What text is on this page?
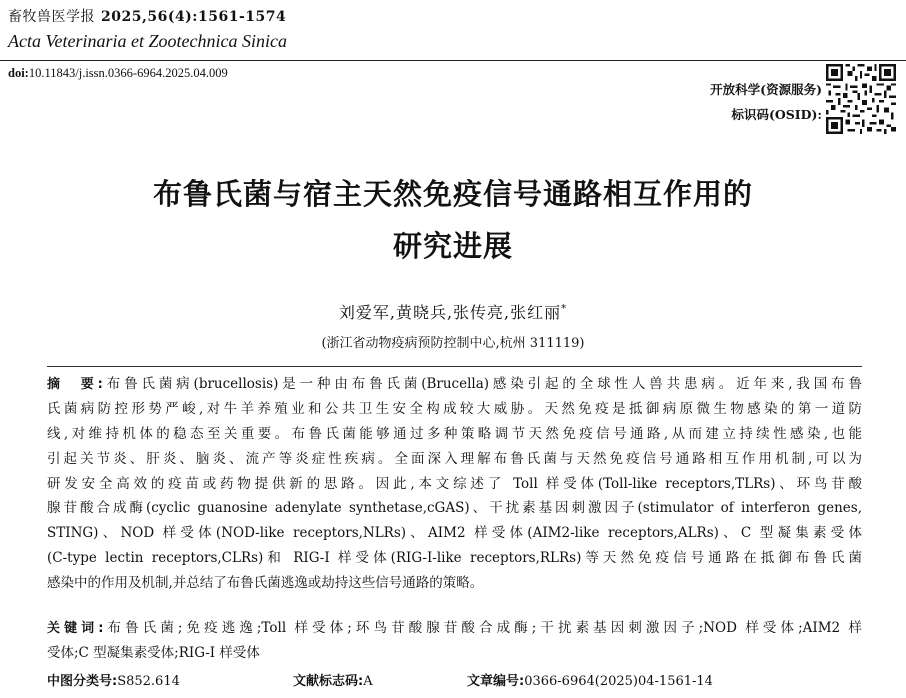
畜牧兽医学报 2025,56(4):1561-1574
Acta Veterinaria et Zootechnica Sinica
doi:10.11843/j.issn.0366-6964.2025.04.009
开放科学(资源服务)
标识码(OSID):
布鲁氏菌与宿主天然免疫信号通路相互作用的
研究进展
刘爱军,黄晓兵,张传亮,张红丽*
(浙江省动物疫病预防控制中心,杭州 311119)
摘　要:布鲁氏菌病(brucellosis)是一种由布鲁氏菌(Brucella)感染引起的全球性人兽共患病。近年来,我国布鲁
氏菌病防控形势严峻,对牛羊养殖业和公共卫生安全构成较大威胁。天然免疫是抵御病原微生物感染的第一道防
线,对维持机体的稳态至关重要。布鲁氏菌能够通过多种策略调节天然免疫信号通路,从而建立持续性感染,也能
引起关节炎、肝炎、脑炎、流产等炎症性疾病。全面深入理解布鲁氏菌与天然免疫信号通路相互作用机制,可以为
研发安全高效的疫苗或药物提供新的思路。因此,本文综述了 Toll 样受体(Toll-like receptors,TLRs)、环鸟苷酸
腺苷酸合成酶(cyclic guanosine adenylate synthetase,cGAS)、干扰素基因刺激因子(stimulator of interferon genes,
STING)、NOD 样受体(NOD-like receptors,NLRs)、AIM2 样受体(AIM2-like receptors,ALRs)、C 型凝集素受体
(C-type lectin receptors,CLRs)和 RIG-I 样受体(RIG-I-like receptors,RLRs)等天然免疫信号通路在抵御布鲁氏菌
感染中的作用及机制,并总结了布鲁氏菌逃逸或劫持这些信号通路的策略。
关键词:布鲁氏菌;免疫逃逸;Toll 样受体;环鸟苷酸腺苷酸合成酶;干扰素基因刺激因子;NOD 样受体;AIM2 样
受体;C 型凝集素受体;RIG-I 样受体
中图分类号:S852.614	文献标志码:A	文章编号:0366-6964(2025)04-1561-14
